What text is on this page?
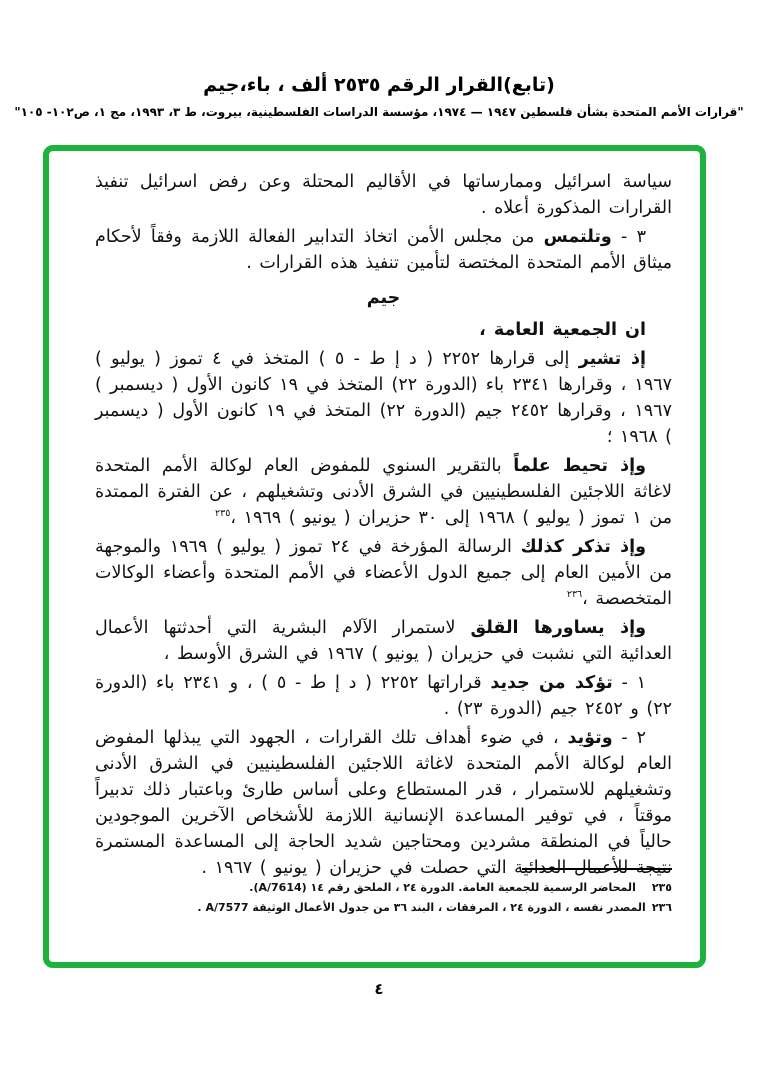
(تابع)القرار الرقم ٢٥٣٥ ألف ، باء،جيم
"قرارات الأمم المتحدة بشأن فلسطين ١٩٤٧ — ١٩٧٤، مؤسسة الدراسات الفلسطينية، بيروت، ط ٣، ١٩٩٣، مج ١، ص١٠٢- ١٠٥"

سياسة اسرائيل وممارساتها في الأقاليم المحتلة وعن رفض اسرائيل تنفيذ القرارات المذكورة أعلاه .

٣ - وتلتمس من مجلس الأمن اتخاذ التدابير الفعالة اللازمة وفقاً لأحكام ميثاق الأمم المتحدة المختصة لتأمين تنفيذ هذه القرارات .

جيم

ان الجمعية العامة ،

إذ تشير إلى قرارها ٢٢٥٢ ( د إ ط - ٥ ) المتخذ في ٤ تموز ( يوليو ) ١٩٦٧ ، وقرارها ٢٣٤١ باء (الدورة ٢٢) المتخذ في ١٩ كانون الأول ( ديسمبر ) ١٩٦٧ ، وقرارها ٢٤٥٢ جيم (الدورة ٢٢) المتخذ في ١٩ كانون الأول ( ديسمبر ) ١٩٦٨ ؛

وإذ تحيط علماً بالتقرير السنوي للمفوض العام لوكالة الأمم المتحدة لاغاثة اللاجئين الفلسطينيين في الشرق الأدنى وتشغيلهم ، عن الفترة الممتدة من ١ تموز ( يوليو ) ١٩٦٨ إلى ٣٠ حزيران ( يونيو ) ١٩٦٩ ،$^{٢٣٥}$

وإذ تذكر كذلك الرسالة المؤرخة في ٢٤ تموز ( يوليو ) ١٩٦٩ والموجهة من الأمين العام إلى جميع الدول الأعضاء في الأمم المتحدة وأعضاء الوكالات المتخصصة ،$^{٢٣٦}$

وإذ يساورها القلق لاستمرار الآلام البشرية التي أحدثتها الأعمال العدائية التي نشبت في حزيران ( يونيو ) ١٩٦٧ في الشرق الأوسط ،

١ - تؤكد من جديد قراراتها ٢٢٥٢ ( د إ ط - ٥ ) ، و ٢٣٤١ باء (الدورة ٢٢) و ٢٤٥٢ جيم (الدورة ٢٣) .

٢ - وتؤيد ، في ضوء أهداف تلك القرارات ، الجهود التي يبذلها المفوض العام لوكالة الأمم المتحدة لاغاثة اللاجئين الفلسطينيين في الشرق الأدنى وتشغيلهم للاستمرار ، قدر المستطاع وعلى أساس طارئ وباعتبار ذلك تدبيراً موقتاً ، في توفير المساعدة الإنسانية اللازمة للأشخاص الآخرين الموجودين حالياً في المنطقة مشردين ومحتاجين شديد الحاجة إلى المساعدة المستمرة نتيجة للأعمال العدائية التي حصلت في حزيران ( يونيو ) ١٩٦٧ .

٢٣٥المحاضر الرسمية للجمعية العامة. الدورة ٢٤ ، الملحق رقم ١٤ (A/7614).
٢٣٦المصدر نفسه ، الدورة ٢٤ ، المرفقات ، البند ٣٦ من جدول الأعمال الوثيقة A/7577 .
٤
